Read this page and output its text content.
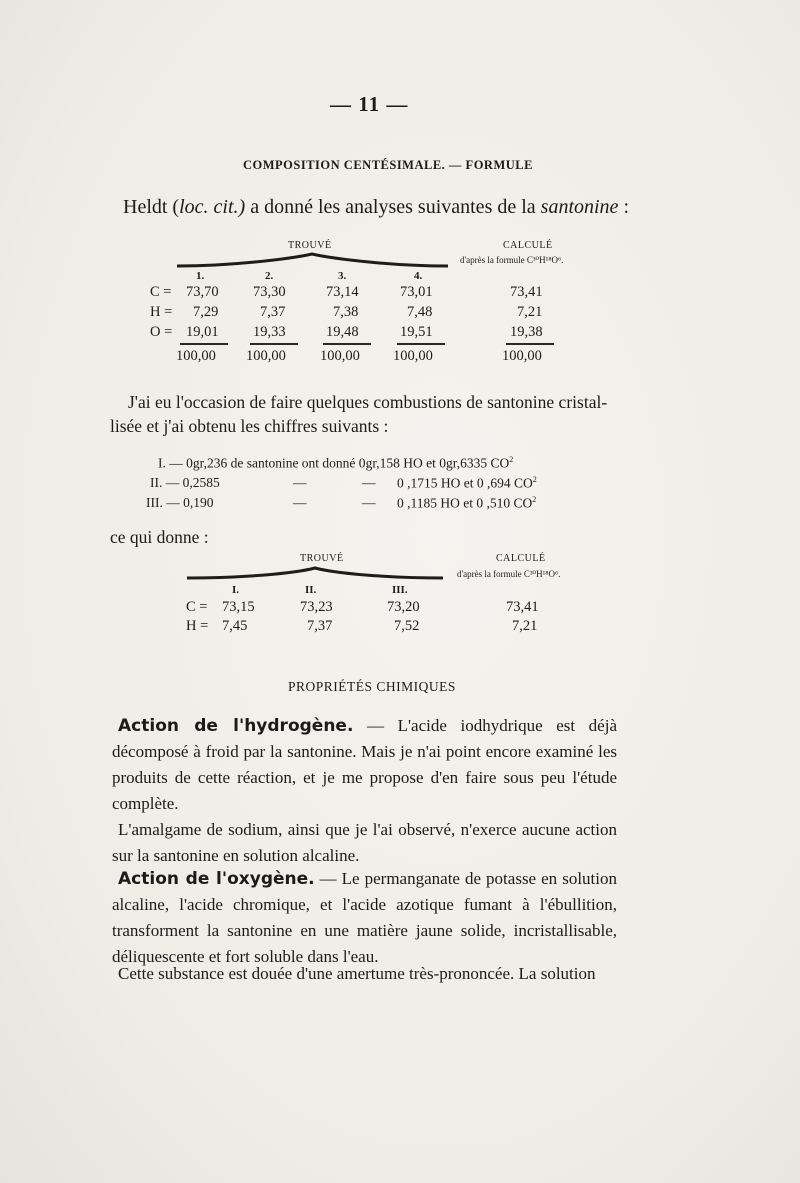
— 11 —
COMPOSITION CENTÉSIMALE. — FORMULE
Heldt (loc. cit.) a donné les analyses suivantes de la santonine :
TROUVÉ	CALCULÉ
d'après la formule C³⁰H¹⁸O⁶.
1.	2.	3.	4.
C = 73,70 73,30	73,14	73,01	73,41
H = 7,29	7,37	7,38	7,48	7,21
O = 19,01 19,33	19,48	19,51	19,38
100,00 100,00 100,00 100,00	100,00
J'ai eu l'occasion de faire quelques combustions de santonine cristal-
lisée et j'ai obtenu les chiffres suivants :
I. — 0gr,236 de santonine ont donné 0gr,158 HO et 0gr,6335 $CO^2$
II. — 0,2585	—	— 0 ,1715 HO et 0 ,694 $CO^2$
III. — 0,190	—	— 0 ,1185 HO et 0 ,510 $CO^2$
ce qui donne :
TROUVÉ	CALCULÉ
d'après la formule C³⁰H¹⁸O⁶.
I.	II.	III.
C = 73,15	73,23	73,20	73,41
H = 7,45	7,37	7,52	7,21
PROPRIÉTÉS CHIMIQUES

Action de l'hydrogène. — L'acide iodhydrique est déjà décomposé à froid par la santonine. Mais je n'ai point encore examiné les produits de cette réaction, et je me propose d'en faire sous peu l'étude complète.

L'amalgame de sodium, ainsi que je l'ai observé, n'exerce aucune action sur la santonine en solution alcaline.

Action de l'oxygène. — Le permanganate de potasse en solution alcaline, l'acide chromique, et l'acide azotique fumant à l'ébullition, transforment la santonine en une matière jaune solide, incristallisable, déliquescente et fort soluble dans l'eau.

Cette substance est douée d'une amertume très-prononcée. La solution
